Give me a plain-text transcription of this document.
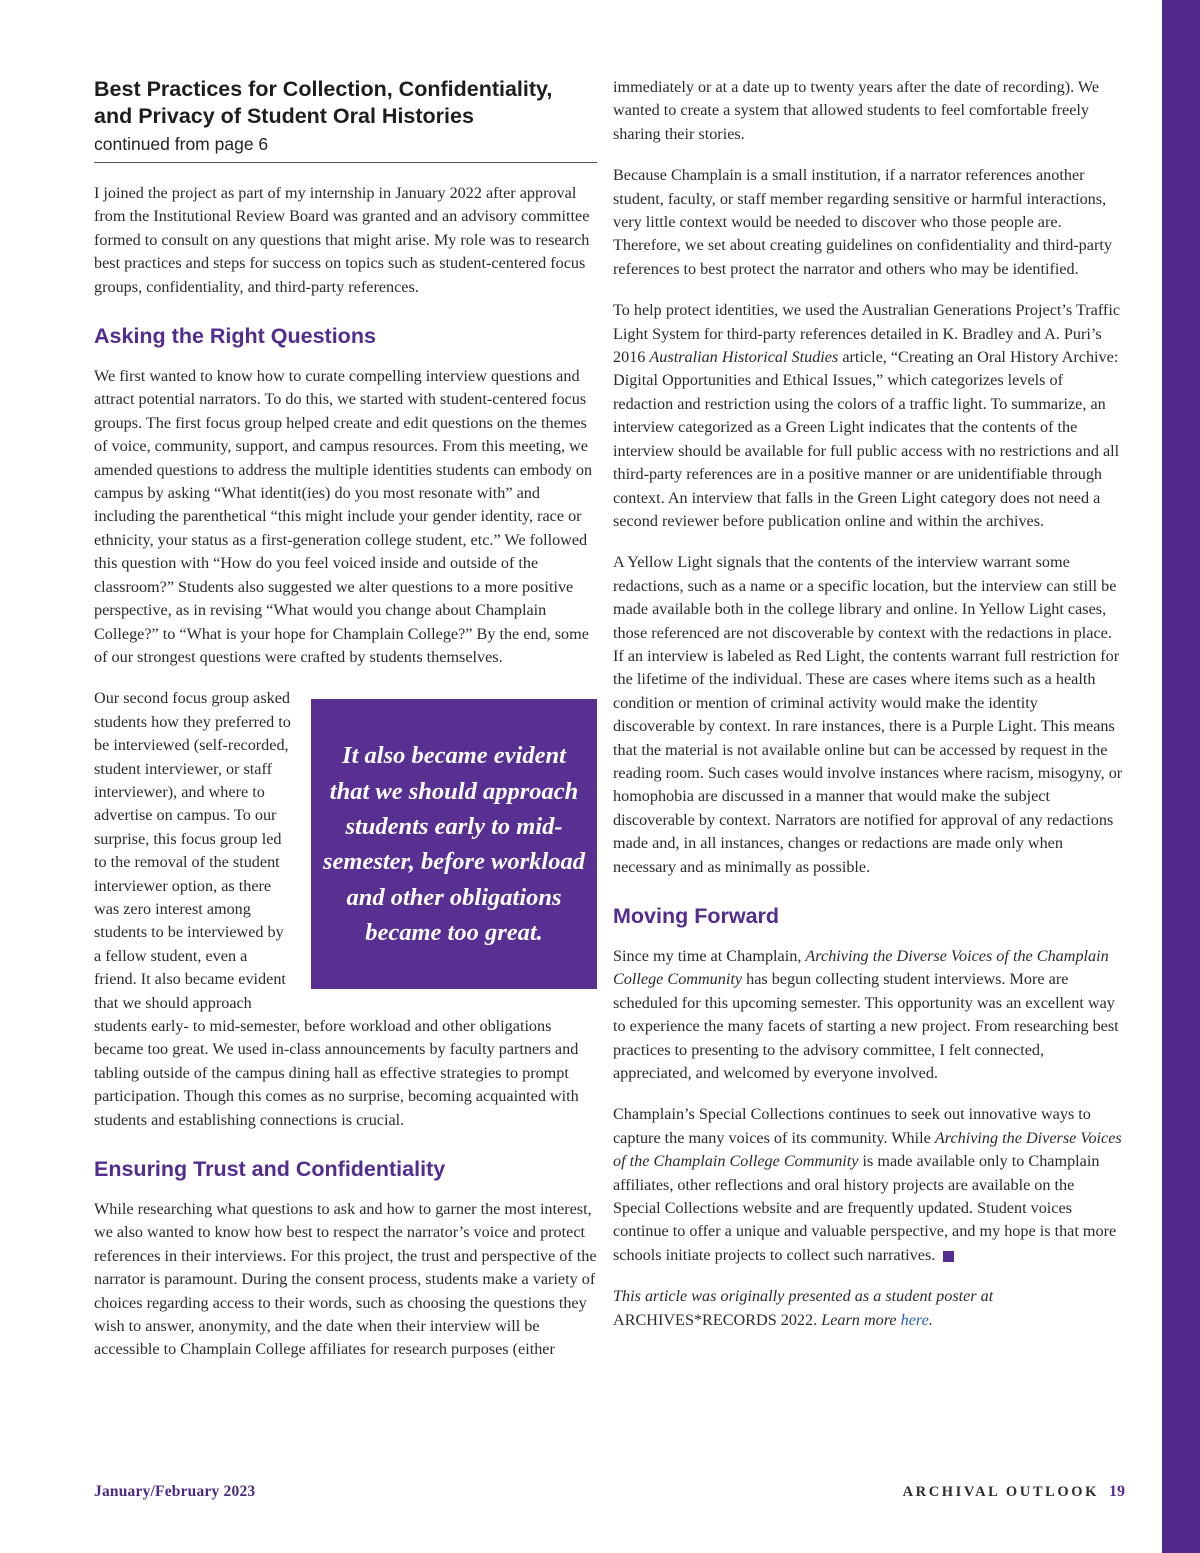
Best Practices for Collection, Confidentiality,

and Privacy of Student Oral Histories

continued from page 6

I joined the project as part of my internship in January 2022 after approval from the Institutional Review Board was granted and an advisory committee formed to consult on any questions that might arise. My role was to research best practices and steps for success on topics such as student-centered focus groups, confidentiality, and third-party references.

Asking the Right Questions

We first wanted to know how to curate compelling interview questions and attract potential narrators. To do this, we started with student-centered focus groups. The first focus group helped create and edit questions on the themes of voice, community, support, and campus resources. From this meeting, we amended questions to address the multiple identities students can embody on campus by asking “What identit(ies) do you most resonate with” and including the parenthetical “this might include your gender identity, race or ethnicity, your status as a first-generation college student, etc.” We followed this question with “How do you feel voiced inside and outside of the classroom?” Students also suggested we alter questions to a more positive perspective, as in revising “What would you change about Champlain College?” to “What is your hope for Champlain College?” By the end, some of our strongest questions were crafted by students themselves.

It also became evident that we should approach students early to mid-semester, before workload and other obligations became too great.

Our second focus group asked students how they preferred to be interviewed (self-recorded, student interviewer, or staff interviewer), and where to advertise on campus. To our surprise, this focus group led to the removal of the student interviewer option, as there was zero interest among students to be interviewed by a fellow student, even a friend. It also became evident that we should approach students early- to mid-semester, before workload and other obligations became too great. We used in-class announcements by faculty partners and tabling outside of the campus dining hall as effective strategies to prompt participation. Though this comes as no surprise, becoming acquainted with students and establishing connections is crucial.

Ensuring Trust and Confidentiality

While researching what questions to ask and how to garner the most interest, we also wanted to know how best to respect the narrator’s voice and protect references in their interviews. For this project, the trust and perspective of the narrator is paramount. During the consent process, students make a variety of choices regarding access to their words, such as choosing the questions they wish to answer, anonymity, and the date when their interview will be accessible to Champlain College affiliates for research purposes (either

immediately or at a date up to twenty years after the date of recording). We wanted to create a system that allowed students to feel comfortable freely sharing their stories.

Because Champlain is a small institution, if a narrator references another student, faculty, or staff member regarding sensitive or harmful interactions, very little context would be needed to discover who those people are. Therefore, we set about creating guidelines on confidentiality and third-party references to best protect the narrator and others who may be identified.

To help protect identities, we used the Australian Generations Project’s Traffic Light System for third-party references detailed in K. Bradley and A. Puri’s 2016 Australian Historical Studies article, “Creating an Oral History Archive: Digital Opportunities and Ethical Issues,” which categorizes levels of redaction and restriction using the colors of a traffic light. To summarize, an interview categorized as a Green Light indicates that the contents of the interview should be available for full public access with no restrictions and all third-party references are in a positive manner or are unidentifiable through context. An interview that falls in the Green Light category does not need a second reviewer before publication online and within the archives.

A Yellow Light signals that the contents of the interview warrant some redactions, such as a name or a specific location, but the interview can still be made available both in the college library and online. In Yellow Light cases, those referenced are not discoverable by context with the redactions in place. If an interview is labeled as Red Light, the contents warrant full restriction for the lifetime of the individual. These are cases where items such as a health condition or mention of criminal activity would make the identity discoverable by context. In rare instances, there is a Purple Light. This means that the material is not available online but can be accessed by request in the reading room. Such cases would involve instances where racism, misogyny, or homophobia are discussed in a manner that would make the subject discoverable by context. Narrators are notified for approval of any redactions made and, in all instances, changes or redactions are made only when necessary and as minimally as possible.

Moving Forward

Since my time at Champlain, Archiving the Diverse Voices of the Champlain College Community has begun collecting student interviews. More are scheduled for this upcoming semester. This opportunity was an excellent way to experience the many facets of starting a new project. From researching best practices to presenting to the advisory committee, I felt connected, appreciated, and welcomed by everyone involved.

Champlain’s Special Collections continues to seek out innovative ways to capture the many voices of its community. While Archiving the Diverse Voices of the Champlain College Community is made available only to Champlain affiliates, other reflections and oral history projects are available on the Special Collections website and are frequently updated. Student voices continue to offer a unique and valuable perspective, and my hope is that more schools initiate projects to collect such narratives.

This article was originally presented as a student poster at
ARCHIVES*RECORDS 2022. Learn more here.

January/February 2023	ARCHIVAL OUTLOOK 19
